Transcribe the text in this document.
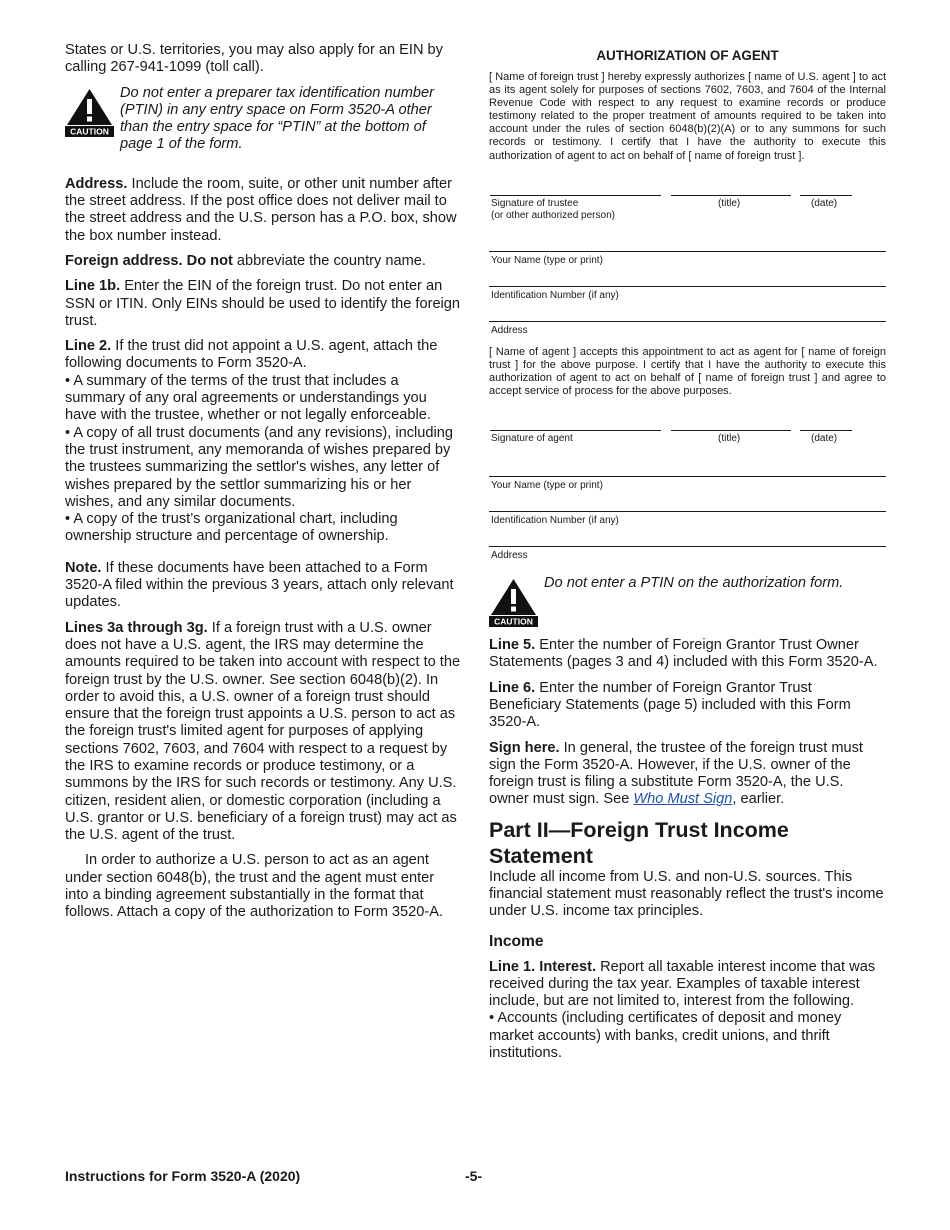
States or U.S. territories, you may also apply for an EIN by calling 267-941-1099 (toll call).

CAUTION

Do not enter a preparer tax identification number (PTIN) in any entry space on Form 3520-A other than the entry space for “PTIN” at the bottom of page 1 of the form.

Address. Include the room, suite, or other unit number after the street address. If the post office does not deliver mail to the street address and the U.S. person has a P.O. box, show the box number instead.

Foreign address. Do not abbreviate the country name.

Line 1b. Enter the EIN of the foreign trust. Do not enter an SSN or ITIN. Only EINs should be used to identify the foreign trust.

Line 2. If the trust did not appoint a U.S. agent, attach the following documents to Form 3520-A.

• A summary of the terms of the trust that includes a summary of any oral agreements or understandings you have with the trustee, whether or not legally enforceable.

• A copy of all trust documents (and any revisions), including the trust instrument, any memoranda of wishes prepared by the trustees summarizing the settlor's wishes, any letter of wishes prepared by the settlor summarizing his or her wishes, and any similar documents.

• A copy of the trust’s organizational chart, including ownership structure and percentage of ownership.

Note. If these documents have been attached to a Form 3520-A filed within the previous 3 years, attach only relevant updates.

Lines 3a through 3g. If a foreign trust with a U.S. owner does not have a U.S. agent, the IRS may determine the amounts required to be taken into account with respect to the foreign trust by the U.S. owner. See section 6048(b)(2). In order to avoid this, a U.S. owner of a foreign trust should ensure that the foreign trust appoints a U.S. person to act as the foreign trust's limited agent for purposes of applying sections 7602, 7603, and 7604 with respect to a request by the IRS to examine records or produce testimony, or a summons by the IRS for such records or testimony. Any U.S. citizen, resident alien, or domestic corporation (including a U.S. grantor or U.S. beneficiary of a foreign trust) may act as the U.S. agent of the trust.

In order to authorize a U.S. person to act as an agent under section 6048(b), the trust and the agent must enter into a binding agreement substantially in the format that follows. Attach a copy of the authorization to Form 3520-A.

AUTHORIZATION OF AGENT

[ Name of foreign trust ] hereby expressly authorizes [ name of U.S. agent ] to act as its agent solely for purposes of sections 7602, 7603, and 7604 of the Internal Revenue Code with respect to any request to examine records or produce testimony related to the proper treatment of amounts required to be taken into account under the rules of section 6048(b)(2)(A) or to any summons for such records or testimony. I certify that I have the authority to execute this authorization of agent to act on behalf of [ name of foreign trust ].

Signature of trustee
(or other authorized person)
(title)	(date)
Your Name (type or print)
Identification Number (if any)
Address

[ Name of agent ] accepts this appointment to act as agent for [ name of foreign trust ] for the above purpose. I certify that I have the authority to execute this authorization of agent to act on behalf of [ name of foreign trust ] and agree to accept service of process for the above purposes.

Signature of agent	(title)	(date)
Your Name (type or print)
Identification Number (if any)
Address
CAUTION

Do not enter a PTIN on the authorization form.

Line 5. Enter the number of Foreign Grantor Trust Owner Statements (pages 3 and 4) included with this Form 3520-A.

Line 6. Enter the number of Foreign Grantor Trust Beneficiary Statements (page 5) included with this Form 3520-A.

Sign here. In general, the trustee of the foreign trust must sign the Form 3520-A. However, if the U.S. owner of the foreign trust is filing a substitute Form 3520-A, the U.S. owner must sign. See Who Must Sign, earlier.

Part II—Foreign Trust Income Statement

Include all income from U.S. and non-U.S. sources. This financial statement must reasonably reflect the trust's income under U.S. income tax principles.

Income

Line 1. Interest. Report all taxable interest income that was received during the tax year. Examples of taxable interest include, but are not limited to, interest from the following.

• Accounts (including certificates of deposit and money market accounts) with banks, credit unions, and thrift institutions.

Instructions for Form 3520-A (2020)	-5-
